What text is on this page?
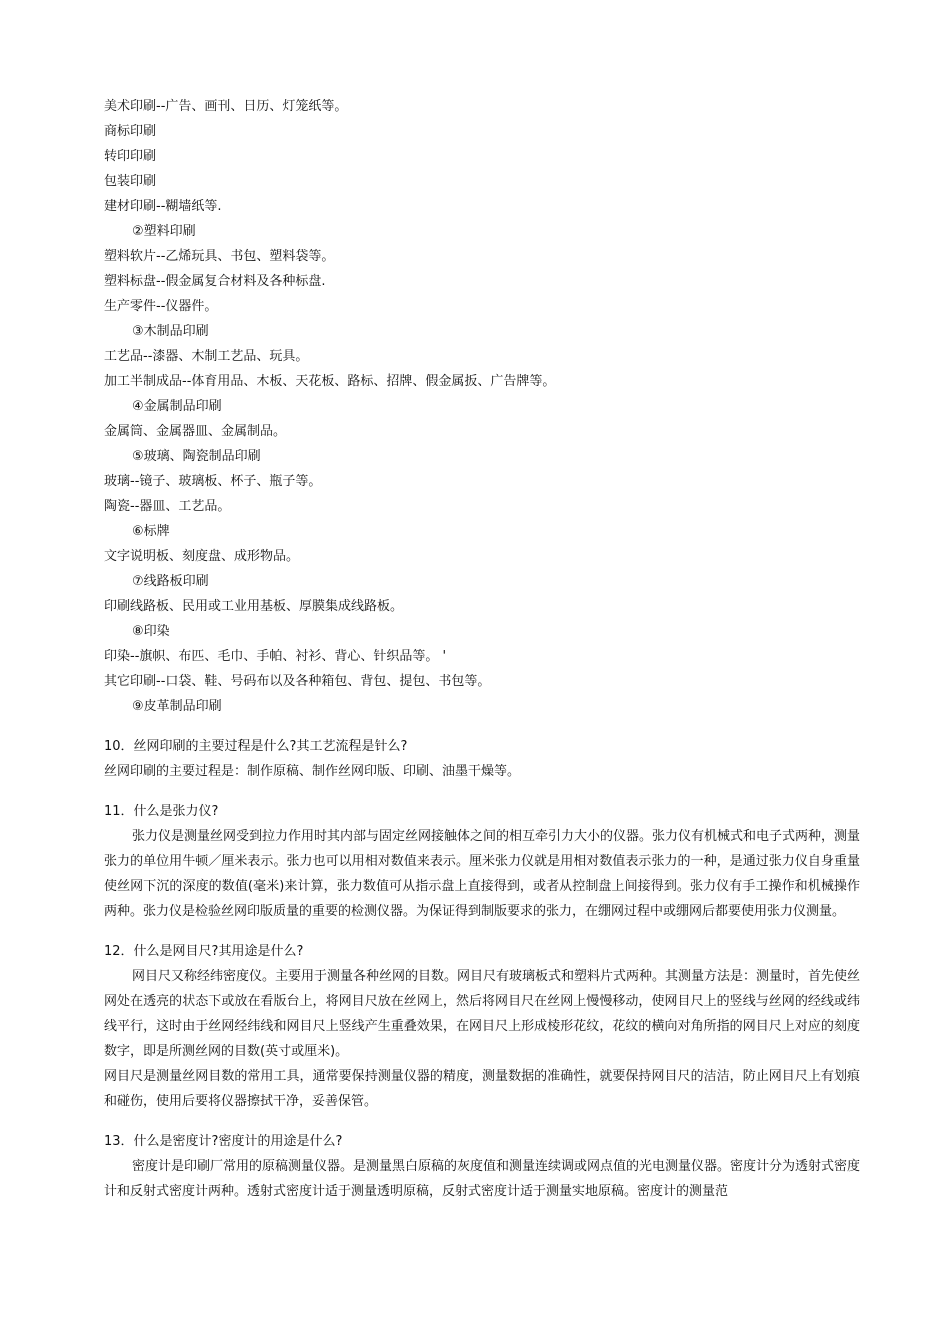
美术印刷--广告、画刊、日历、灯笼纸等。
商标印刷
转印印刷
包装印刷
建材印刷--糊墙纸等.
②塑料印刷
塑料软片--乙烯玩具、书包、塑料袋等。
塑料标盘--假金属复合材料及各种标盘.
生产零件--仪器件。
③木制品印刷
工艺品--漆器、木制工艺品、玩具。
加工半制成品--体育用品、木板、天花板、路标、招牌、假金属扳、广告牌等。
④金属制品印刷
金属筒、金属器皿、金属制品。
⑤玻璃、陶瓷制品印刷
玻璃--镜子、玻璃板、杯子、瓶子等。
陶瓷--器皿、工艺品。
⑥标牌
文字说明板、刻度盘、成形物品。
⑦线路板印刷
印刷线路板、民用或工业用基板、厚膜集成线路板。
⑧印染
印染--旗帜、布匹、毛巾、手帕、衬衫、背心、针织品等。 '
其它印刷--口袋、鞋、号码布以及各种箱包、背包、提包、书包等。
⑨皮革制品印刷
10．丝网印刷的主要过程是什么?其工艺流程是针么?
丝网印刷的主要过程是：制作原稿、制作丝网印版、印刷、油墨干燥等。
11．什么是张力仪?
张力仪是测量丝网受到拉力作用时其内部与固定丝网接触体之间的相互牵引力大小的仪器。张力仪有机械式和电子式两种，测量张力的单位用牛顿／厘米表示。张力也可以用相对数值来表示。厘米张力仪就是用相对数值表示张力的一种，是通过张力仪自身重量使丝网下沉的深度的数值(毫米)来计算，张力数值可从指示盘上直接得到，或者从控制盘上间接得到。张力仪有手工操作和机械操作两种。张力仪是检验丝网印版质量的重要的检测仪器。为保证得到制版要求的张力，在绷网过程中或绷网后都要使用张力仪测量。
12．什么是网目尺?其用途是什么?
网目尺又称经纬密度仪。主要用于测量各种丝网的目数。网目尺有玻璃板式和塑料片式两种。其测量方法是：测量时，首先使丝网处在透亮的状态下或放在看版台上，将网目尺放在丝网上，然后将网目尺在丝网上慢慢移动，使网目尺上的竖线与丝网的经线或纬线平行，这时由于丝网经纬线和网目尺上竖线产生重叠效果，在网目尺上形成棱形花纹，花纹的横向对角所指的网目尺上对应的刻度数字，即是所测丝网的目数(英寸或厘米)。
网目尺是测量丝网目数的常用工具，通常要保持测量仪器的精度，测量数据的准确性，就要保持网目尺的洁洁，防止网目尺上有划痕和碰伤，使用后要将仪器擦拭干净，妥善保管。
13．什么是密度计?密度计的用途是什么?
密度计是印刷厂常用的原稿测量仪器。是测量黑白原稿的灰度值和测量连续调或网点值的光电测量仪器。密度计分为透射式密度计和反射式密度计两种。透射式密度计适于测量透明原稿，反射式密度计适于测量实地原稿。密度计的测量范
